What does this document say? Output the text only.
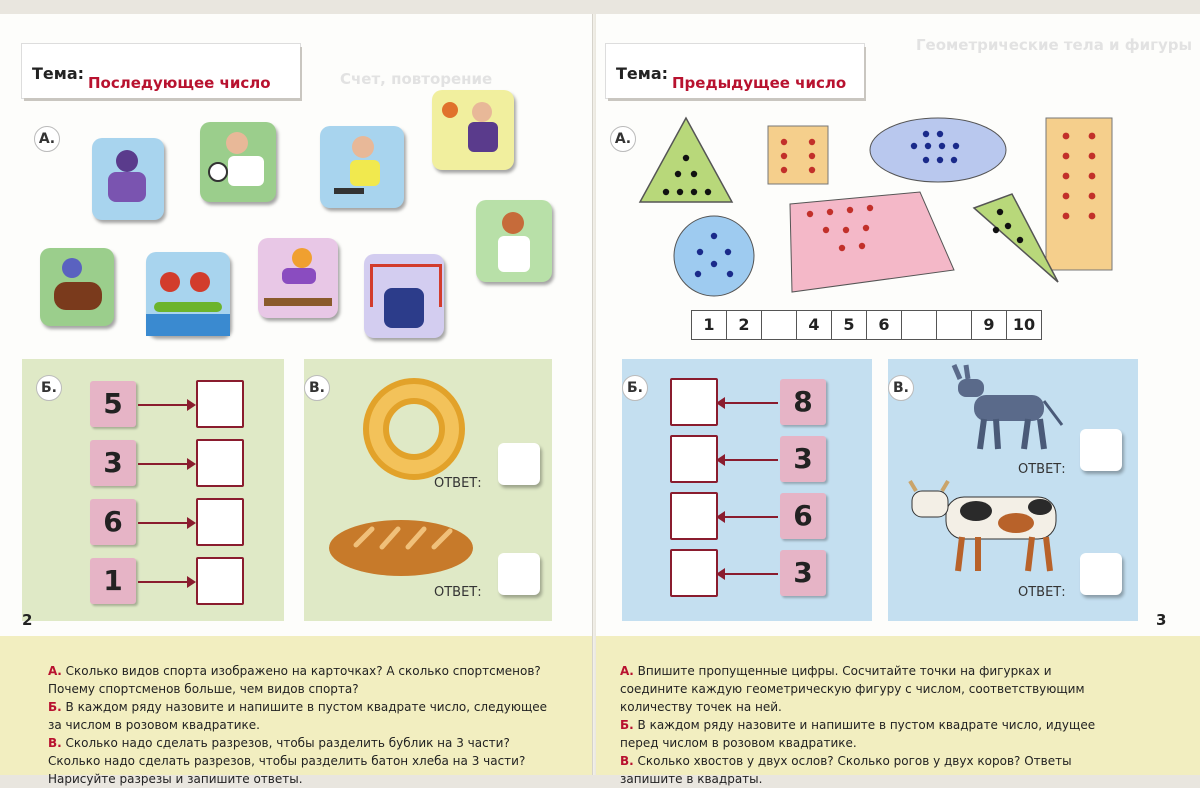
Счет, повторение
Тема: Последующее число
А.
Б.	5
3
6
1
В.
ОТВЕТ:
ОТВЕТ:
2

А. Сколько видов спорта изображено на карточках? А сколько спортсменов? Почему спортсменов больше, чем видов спорта?

Б. В каждом ряду назовите и напишите в пустом квадрате число, следующее за числом в розовом квадратике.

В. Сколько надо сделать разрезов, чтобы разделить бублик на 3 части? Сколько надо сделать разрезов, чтобы разделить батон хлеба на 3 части? Нарисуйте разрезы и запишите ответы.

Геометрические тела и фигуры
Тема: Предыдущее число
А.
1	2	4	5	6	9	10
Б.	8
3
6
3
В.
ОТВЕТ:
ОТВЕТ:
3

А. Впишите пропущенные цифры. Сосчитайте точки на фигурках и соедините каждую геометрическую фигуру с числом, соответствующим количеству точек на ней.

Б. В каждом ряду назовите и напишите в пустом квадрате число, идущее перед числом в розовом квадратике.

В. Сколько хвостов у двух ослов? Сколько рогов у двух коров? Ответы запишите в квадраты.
